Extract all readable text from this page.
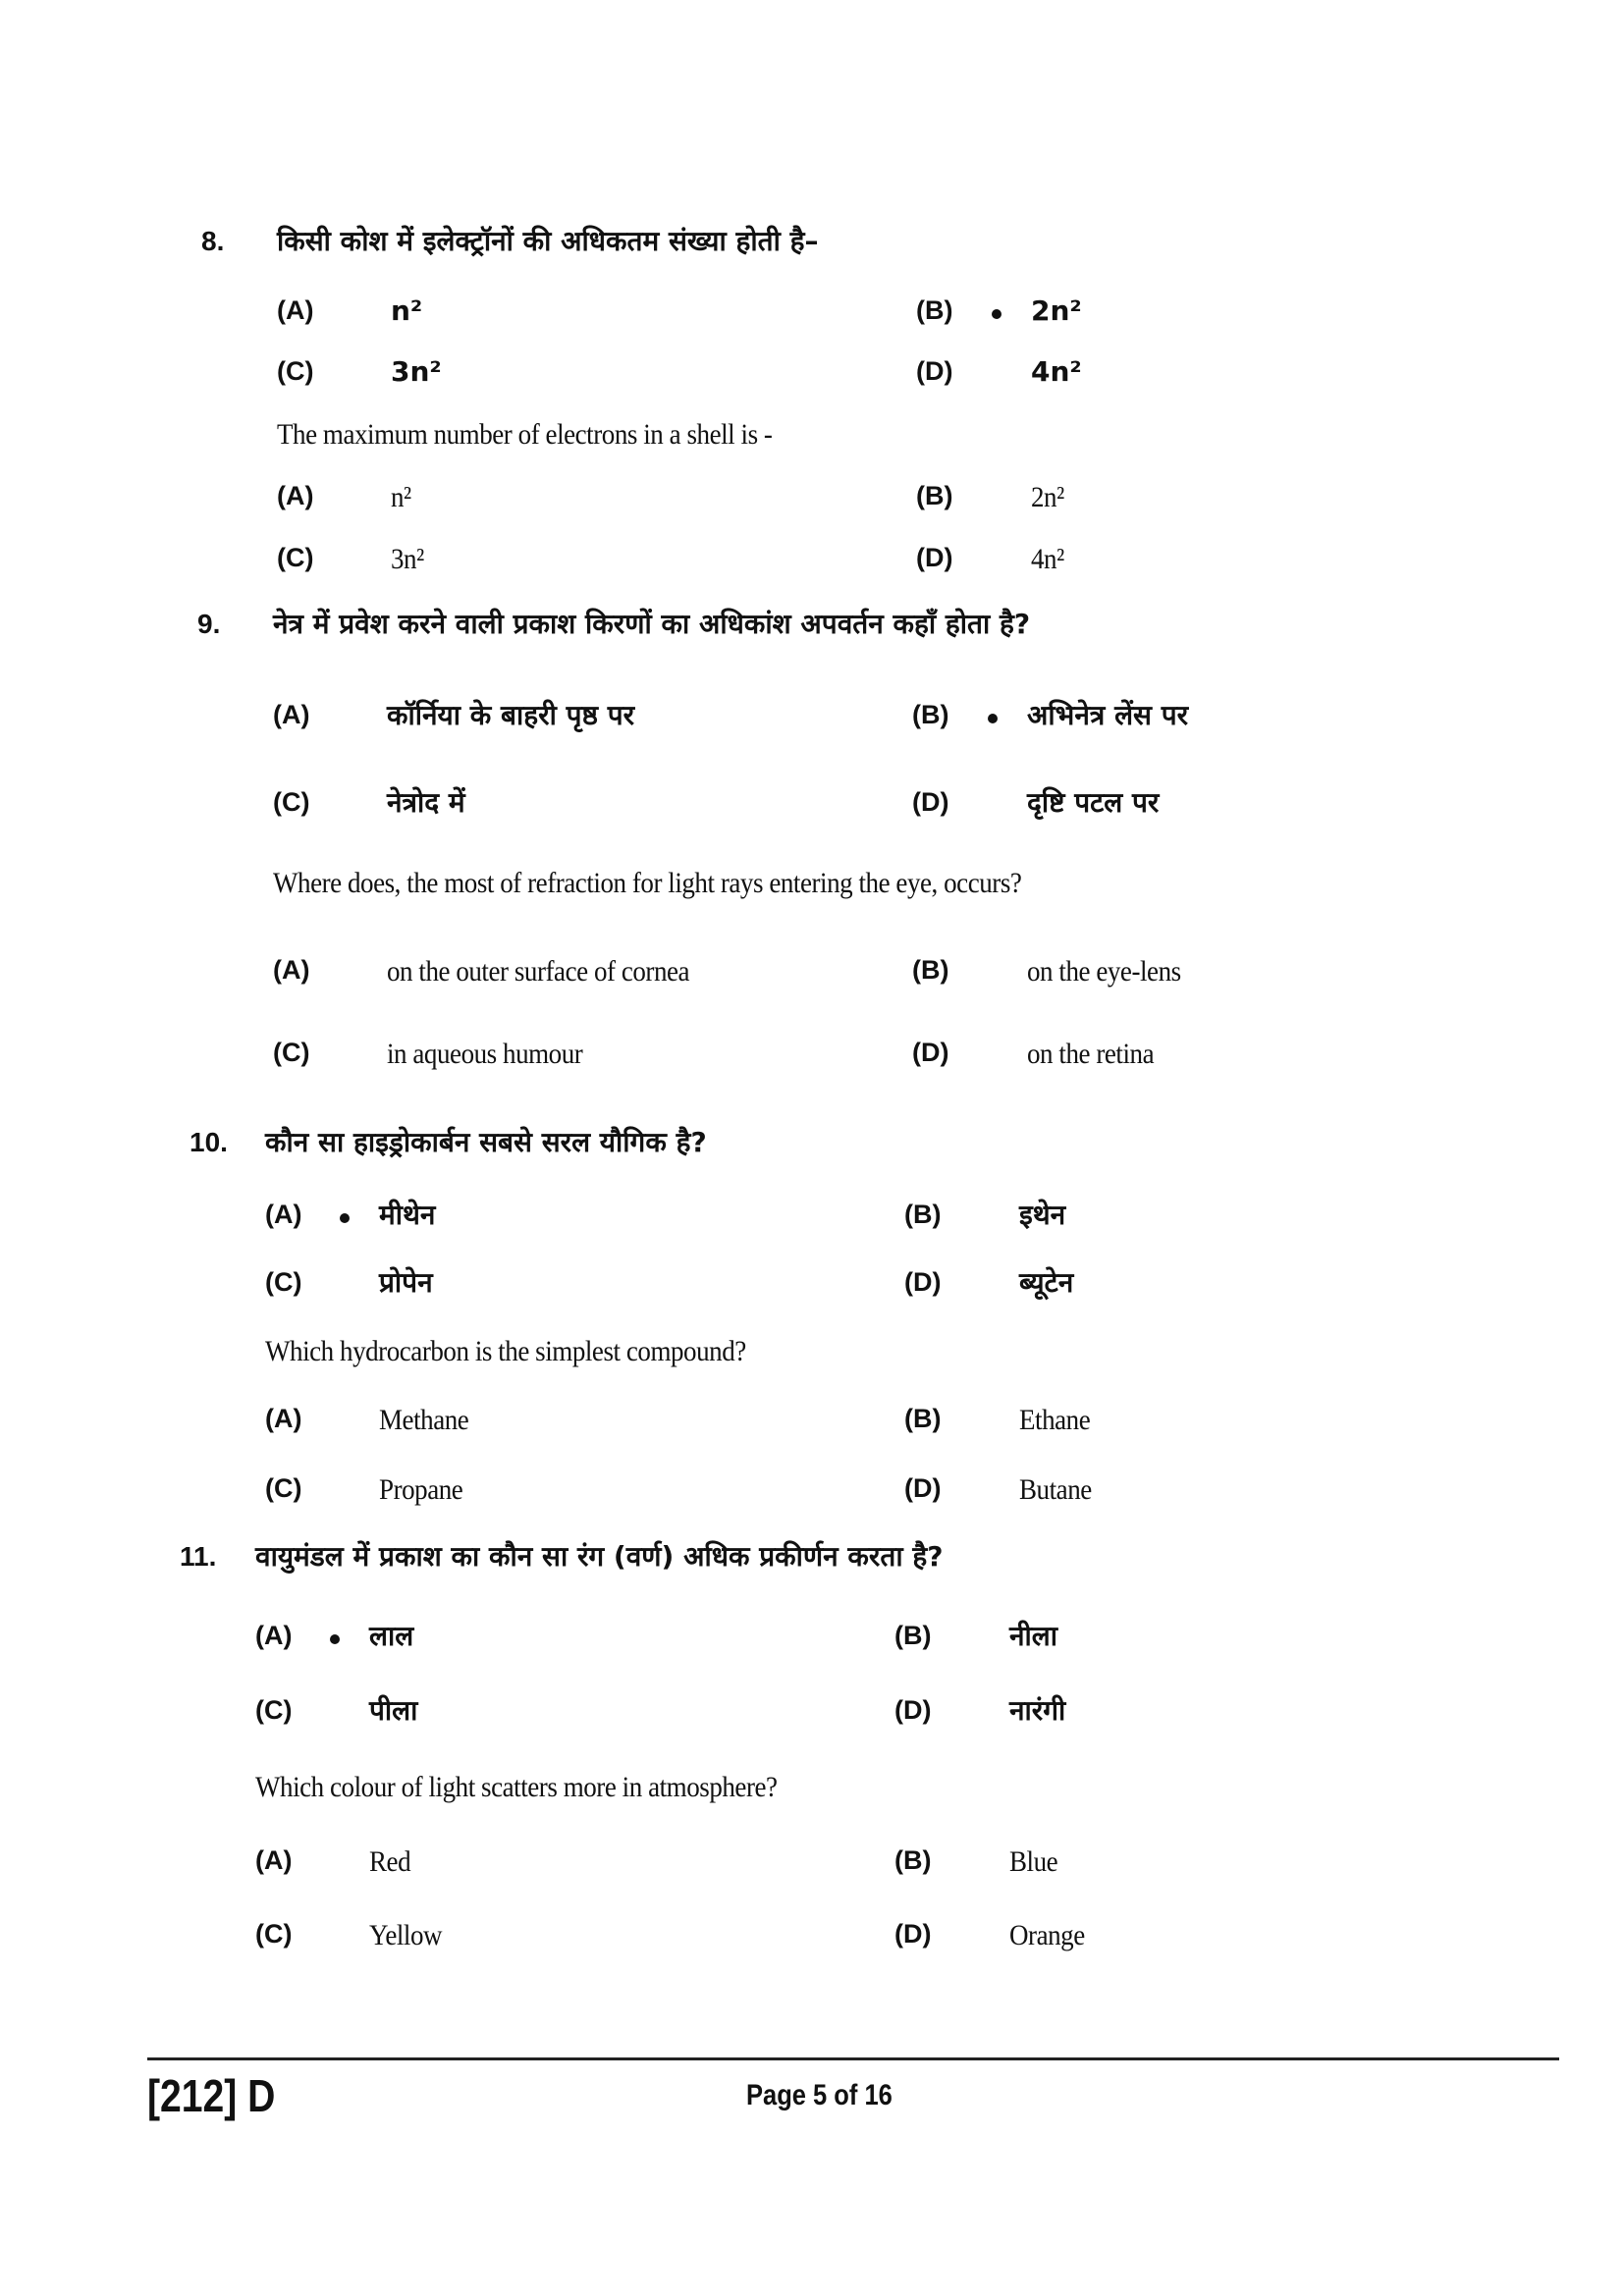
8. किसी कोश में इलेक्ट्रॉनों की अधिकतम संख्या होती है–
The maximum number of electrons in a shell is -
(A)	n²	(B)	2n²
(C)	3n²	(D)	4n²
(A)	n²	(B)	2n²
(C)	3n²	(D)	4n²
9. नेत्र में प्रवेश करने वाली प्रकाश किरणों का अधिकांश अपवर्तन कहाँ होता है?
Where does, the most of refraction for light rays entering the eye, occurs?
(A)	कॉर्निया के बाहरी पृष्ठ पर	(B)	अभिनेत्र लेंस पर
(C)	नेत्रोद में	(D)	दृष्टि पटल पर
(A)	on the outer surface of cornea	(B)	on the eye-lens
(C)	in aqueous humour	(D)	on the retina
10. कौन सा हाइड्रोकार्बन सबसे सरल यौगिक है?
Which hydrocarbon is the simplest compound?
(A)	मीथेन	(B)	इथेन
(C)	प्रोपेन	(D)	ब्यूटेन
(A)	Methane	(B)	Ethane
(C)	Propane	(D)	Butane
11. वायुमंडल में प्रकाश का कौन सा रंग (वर्ण) अधिक प्रकीर्णन करता है?
Which colour of light scatters more in atmosphere?
(A)	लाल	(B)	नीला
(C)	पीला	(D)	नारंगी
(A)	Red	(B)	Blue
(C)	Yellow	(D)	Orange
[212] D	Page 5 of 16
